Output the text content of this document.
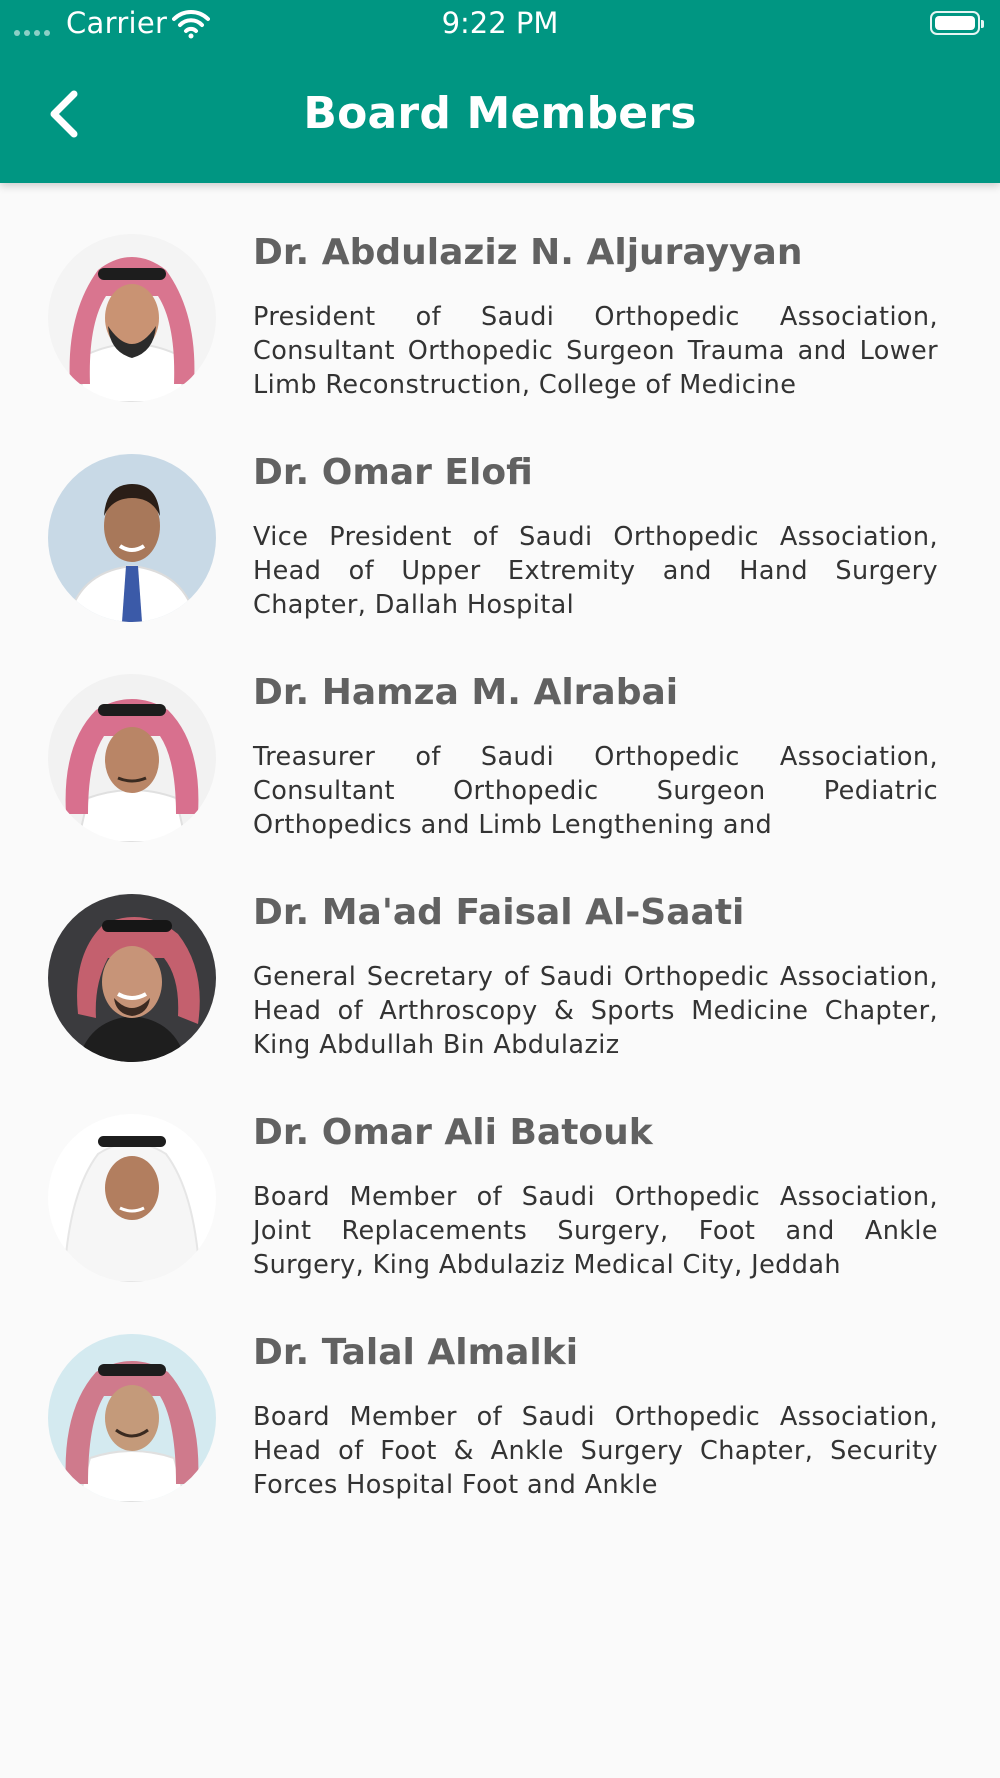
Carrier	9:22 PM
Board Members
Dr. Abdulaziz N. Aljurayyan
President of Saudi Orthopedic Association, Consultant Orthopedic Surgeon Trauma and Lower Limb Reconstruction, College of Medicine
Dr. Omar Elofi
Vice President of Saudi Orthopedic Association, Head of Upper Extremity and Hand Surgery Chapter, Dallah Hospital
Dr. Hamza M. Alrabai
Treasurer of Saudi Orthopedic Association, Consultant Orthopedic Surgeon Pediatric Orthopedics and Limb Lengthening and
Dr. Ma'ad Faisal Al-Saati
General Secretary of Saudi Orthopedic Association, Head of Arthroscopy & Sports Medicine Chapter, King Abdullah Bin Abdulaziz
Dr. Omar Ali Batouk
Board Member of Saudi Orthopedic Association, Joint Replacements Surgery, Foot and Ankle Surgery, King Abdulaziz Medical City, Jeddah
Dr. Talal Almalki
Board Member of Saudi Orthopedic Association, Head of Foot & Ankle Surgery Chapter, Security Forces Hospital Foot and Ankle
